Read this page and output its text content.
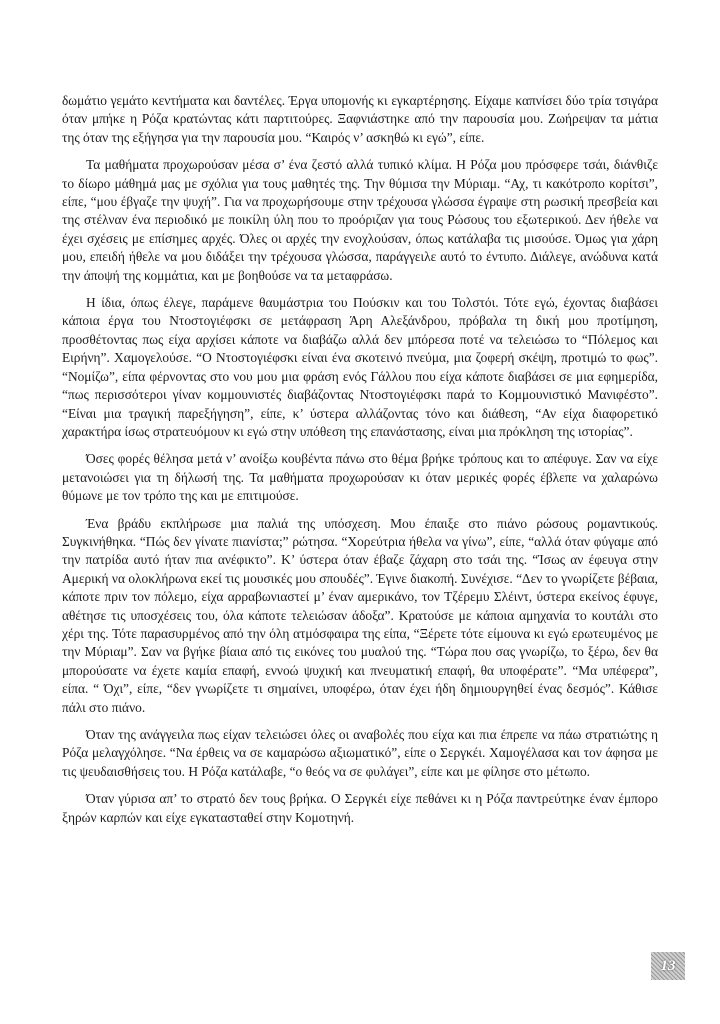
δωμάτιο γεμάτο κεντήματα και δαντέλες. Έργα υπομονής κι εγκαρτέρησης. Είχαμε καπνίσει δύο τρία τσιγάρα όταν μπήκε η Ρόζα κρατώντας κάτι παρτιτούρες. Ξαφνιάστηκε από την παρουσία μου. Ζωήρεψαν τα μάτια της όταν της εξήγησα για την παρουσία μου. “Καιρός ν’ ασκηθώ κι εγώ”, είπε.

Τα μαθήματα προχωρούσαν μέσα σ’ ένα ζεστό αλλά τυπικό κλίμα. Η Ρόζα μου πρόσφερε τσάι, διάνθιζε το δίωρο μάθημά μας με σχόλια για τους μαθητές της. Την θύμισα την Μύριαμ. “Αχ, τι κακότροπο κορίτσι”, είπε, “μου έβγαζε την ψυχή”. Για να προχωρήσουμε στην τρέχουσα γλώσσα έγραψε στη ρωσική πρεσβεία και της στέλναν ένα περιοδικό με ποικίλη ύλη που το προόριζαν για τους Ρώσους του εξωτερικού. Δεν ήθελε να έχει σχέσεις με επίσημες αρχές. Όλες οι αρχές την ενοχλούσαν, όπως κατάλαβα τις μισούσε. Όμως για χάρη μου, επειδή ήθελε να μου διδάξει την τρέχουσα γλώσσα, παράγγειλε αυτό το έντυπο. Διάλεγε, ανώδυνα κατά την άποψή της κομμάτια, και με βοηθούσε να τα μεταφράσω.

Η ίδια, όπως έλεγε, παράμενε θαυμάστρια του Πούσκιν και του Τολστόι. Τότε εγώ, έχοντας διαβάσει κάποια έργα του Ντοστογιέφσκι σε μετάφραση Άρη Αλεξάνδρου, πρόβαλα τη δική μου προτίμηση, προσθέτοντας πως είχα αρχίσει κάποτε να διαβάζω αλλά δεν μπόρεσα ποτέ να τελειώσω το “Πόλεμος και Ειρήνη”. Χαμογελούσε. “Ο Ντοστογιέφσκι είναι ένα σκοτεινό πνεύμα, μια ζοφερή σκέψη, προτιμώ το φως”. “Νομίζω”, είπα φέρνοντας στο νου μου μια φράση ενός Γάλλου που είχα κάποτε διαβάσει σε μια εφημερίδα, “πως περισσότεροι γίναν κομμουνιστές διαβάζοντας Ντοστογιέφσκι παρά το Κομμουνιστικό Μανιφέστο”. “Είναι μια τραγική παρεξήγηση”, είπε, κ’ ύστερα αλλάζοντας τόνο και διάθεση, “Αν είχα διαφορετικό χαρακτήρα ίσως στρατευόμουν κι εγώ στην υπόθεση της επανάστασης, είναι μια πρόκληση της ιστορίας”.

Όσες φορές θέλησα μετά ν’ ανοίξω κουβέντα πάνω στο θέμα βρήκε τρόπους και το απέφυγε. Σαν να είχε μετανοιώσει για τη δήλωσή της. Τα μαθήματα προχωρούσαν κι όταν μερικές φορές έβλεπε να χαλαρώνω θύμωνε με τον τρόπο της και με επιτιμούσε.

Ένα βράδυ εκπλήρωσε μια παλιά της υπόσχεση. Μου έπαιξε στο πιάνο ρώσους ρομαντικούς. Συγκινήθηκα. “Πώς δεν γίνατε πιανίστα;” ρώτησα. “Χορεύτρια ήθελα να γίνω”, είπε, “αλλά όταν φύγαμε από την πατρίδα αυτό ήταν πια ανέφικτο”. Κ’ ύστερα όταν έβαζε ζάχαρη στο τσάι της. “Ίσως αν έφευγα στην Αμερική να ολοκλήρωνα εκεί τις μουσικές μου σπουδές”. Έγινε διακοπή. Συνέχισε. “Δεν το γνωρίζετε βέβαια, κάποτε πριν τον πόλεμο, είχα αρραβωνιαστεί μ’ έναν αμερικάνο, τον Τζέρεμυ Σλέιντ, ύστερα εκείνος έφυγε, αθέτησε τις υποσχέσεις του, όλα κάποτε τελειώσαν άδοξα”. Κρατούσε με κάποια αμηχανία το κουτάλι στο χέρι της. Τότε παρασυρμένος από την όλη ατμόσφαιρα της είπα, “Ξέρετε τότε είμουνα κι εγώ ερωτευμένος με την Μύριαμ”. Σαν να βγήκε βίαια από τις εικόνες του μυαλού της. “Τώρα που σας γνωρίζω, το ξέρω, δεν θα μπορούσατε να έχετε καμία επαφή, εννοώ ψυχική και πνευματική επαφή, θα υποφέρατε”. “Μα υπέφερα”, είπα. “ Όχι”, είπε, “δεν γνωρίζετε τι σημαίνει, υποφέρω, όταν έχει ήδη δημιουργηθεί ένας δεσμός”. Κάθισε πάλι στο πιάνο.

Όταν της ανάγγειλα πως είχαν τελειώσει όλες οι αναβολές που είχα και πια έπρεπε να πάω στρατιώτης η Ρόζα μελαγχόλησε. “Να έρθεις να σε καμαρώσω αξιωματικό”, είπε ο Σεργκέι. Χαμογέλασα και τον άφησα με τις ψευδαισθήσεις του. Η Ρόζα κατάλαβε, “ο θεός να σε φυλάγει”, είπε και με φίλησε στο μέτωπο.

Όταν γύρισα απ’ το στρατό δεν τους βρήκα. Ο Σεργκέι είχε πεθάνει κι η Ρόζα παντρεύτηκε έναν έμπορο ξηρών καρπών και είχε εγκατασταθεί στην Κομοτηνή.

13
